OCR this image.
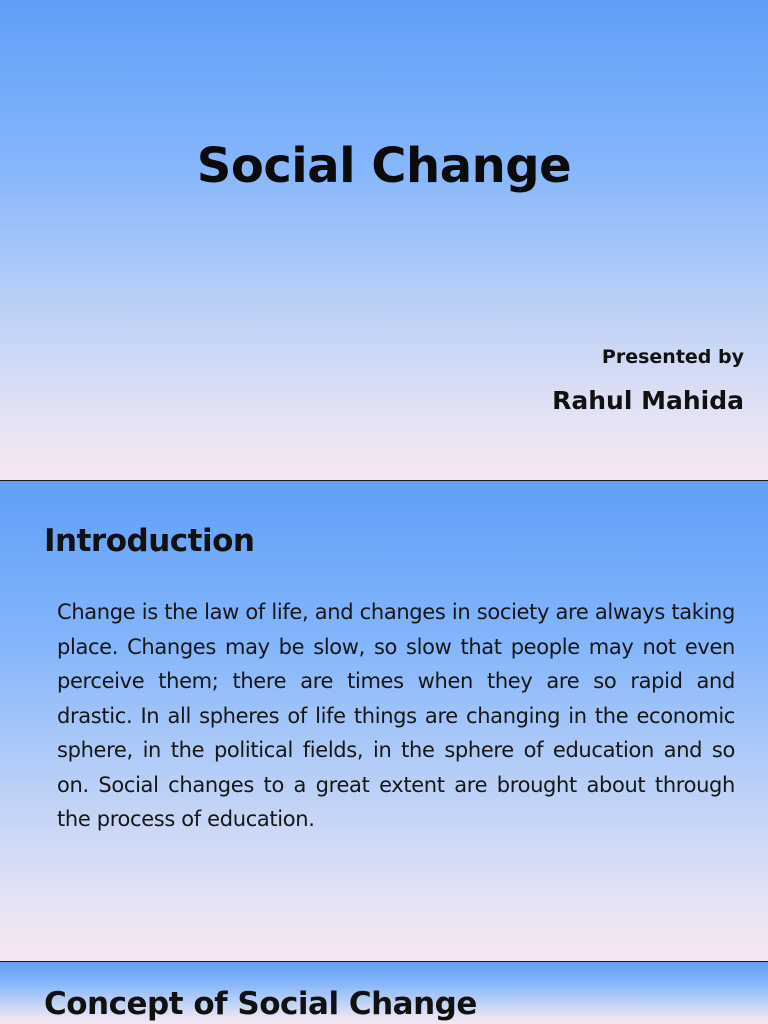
Social Change
Presented by
Rahul Mahida
Introduction
Change is the law of life, and changes in society are always taking place. Changes may be slow, so slow that people may not even perceive them; there are times when they are so rapid and drastic. In all spheres of life things are changing in the economic sphere, in the political fields, in the sphere of education and so on. Social changes to a great extent are brought about through the process of education.
Concept of Social Change
